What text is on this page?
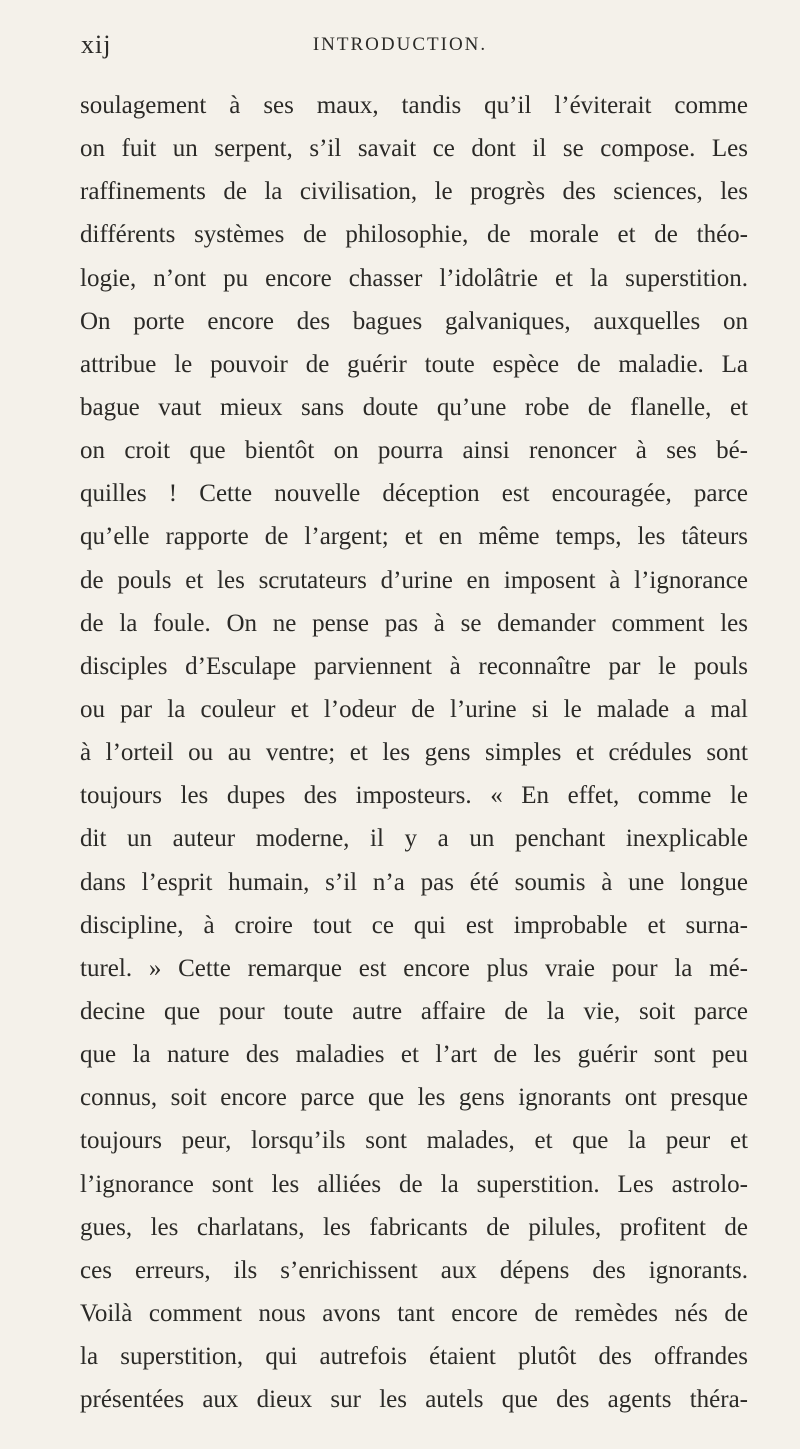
xij	INTRODUCTION.
soulagement à ses maux, tandis qu’il l’éviterait comme
on fuit un serpent, s’il savait ce dont il se compose. Les
raffinements de la civilisation, le progrès des sciences, les
différents systèmes de philosophie, de morale et de théo-
logie, n’ont pu encore chasser l’idolâtrie et la superstition.
On porte encore des bagues galvaniques, auxquelles on
attribue le pouvoir de guérir toute espèce de maladie. La
bague vaut mieux sans doute qu’une robe de flanelle, et
on croit que bientôt on pourra ainsi renoncer à ses bé-
quilles ! Cette nouvelle déception est encouragée, parce
qu’elle rapporte de l’argent; et en même temps, les tâteurs
de pouls et les scrutateurs d’urine en imposent à l’ignorance
de la foule. On ne pense pas à se demander comment les
disciples d’Esculape parviennent à reconnaître par le pouls
ou par la couleur et l’odeur de l’urine si le malade a mal
à l’orteil ou au ventre; et les gens simples et crédules sont
toujours les dupes des imposteurs. « En effet, comme le
dit un auteur moderne, il y a un penchant inexplicable
dans l’esprit humain, s’il n’a pas été soumis à une longue
discipline, à croire tout ce qui est improbable et surna-
turel. » Cette remarque est encore plus vraie pour la mé-
decine que pour toute autre affaire de la vie, soit parce
que la nature des maladies et l’art de les guérir sont peu
connus, soit encore parce que les gens ignorants ont presque
toujours peur, lorsqu’ils sont malades, et que la peur et
l’ignorance sont les alliées de la superstition. Les astrolo-
gues, les charlatans, les fabricants de pilules, profitent de
ces erreurs, ils s’enrichissent aux dépens des ignorants.
Voilà comment nous avons tant encore de remèdes nés de
la superstition, qui autrefois étaient plutôt des offrandes
présentées aux dieux sur les autels que des agents théra-
